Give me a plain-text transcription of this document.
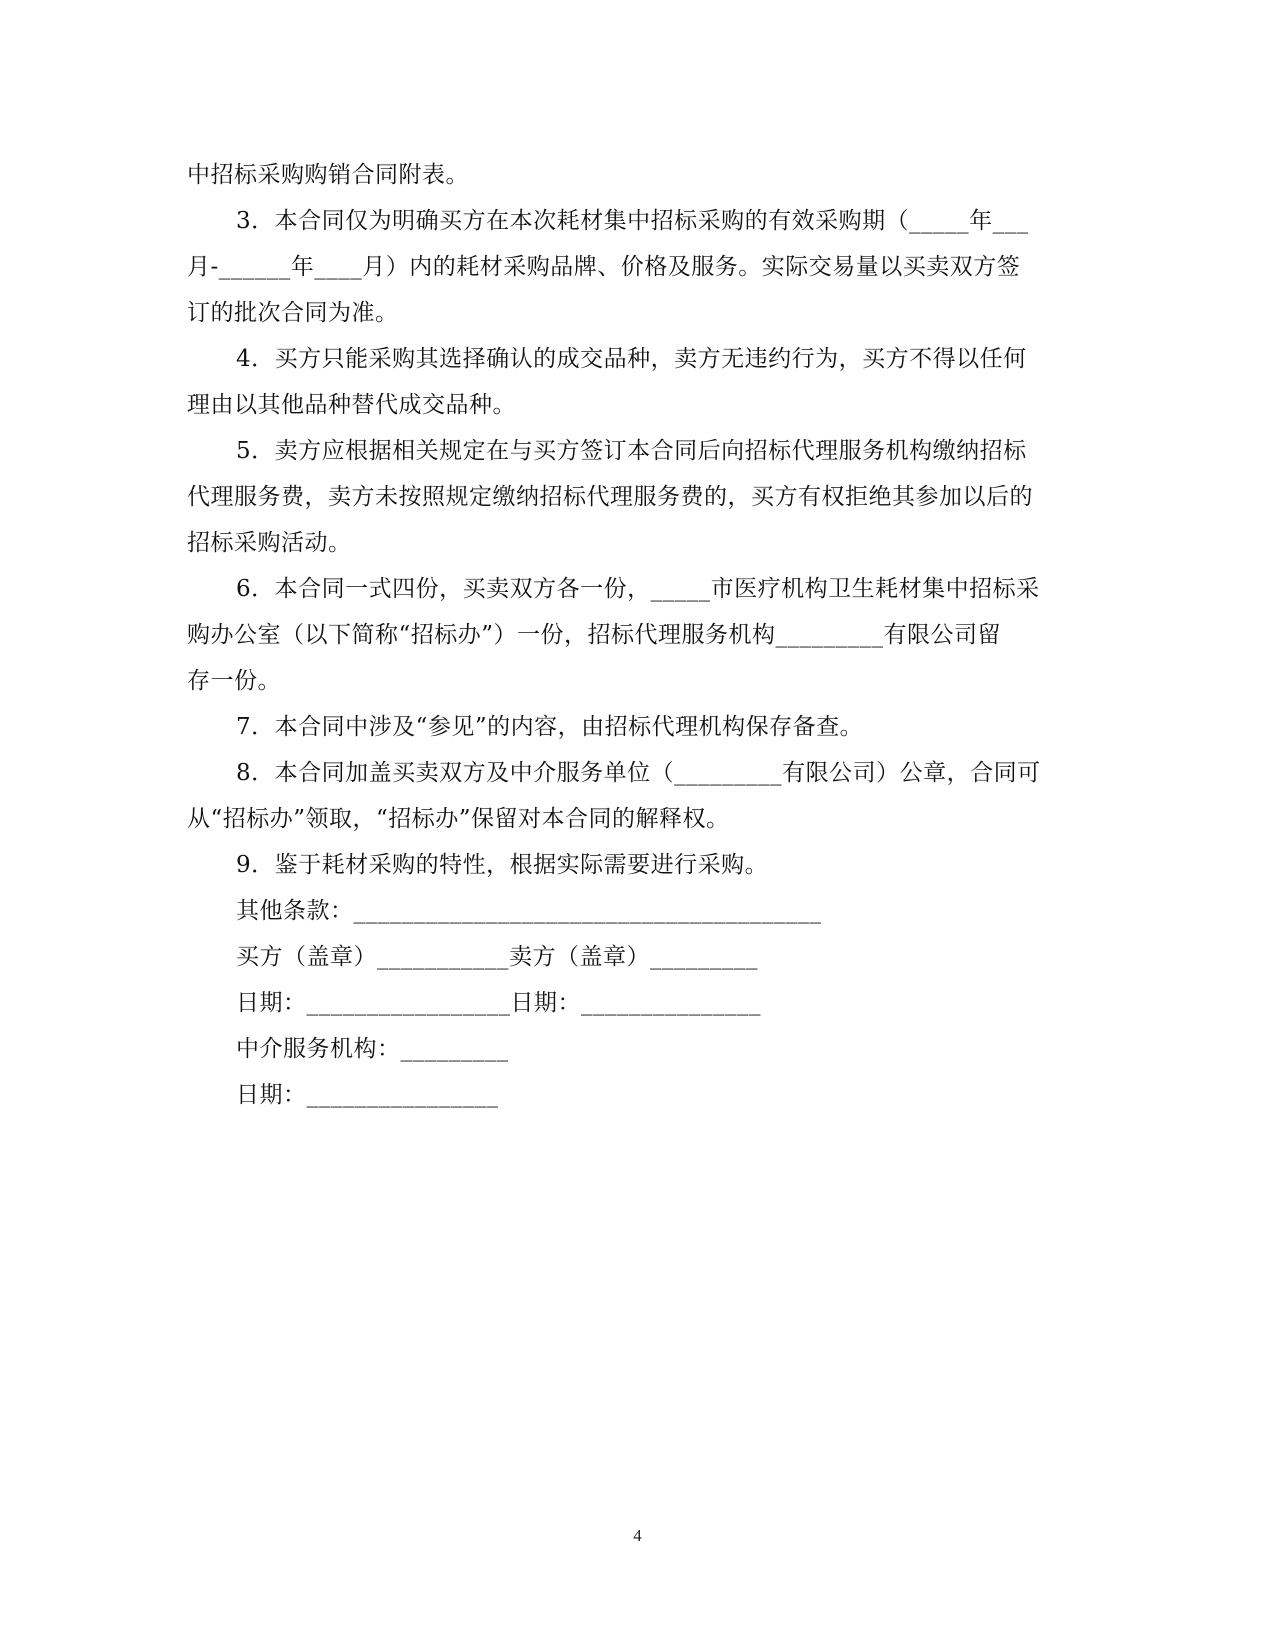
中招标采购购销合同附表。
3．本合同仅为明确买方在本次耗材集中招标采购的有效采购期（_____年___
月-______年____月）内的耗材采购品牌、价格及服务。实际交易量以买卖双方签
订的批次合同为准。
4．买方只能采购其选择确认的成交品种，卖方无违约行为，买方不得以任何
理由以其他品种替代成交品种。
5．卖方应根据相关规定在与买方签订本合同后向招标代理服务机构缴纳招标
代理服务费，卖方未按照规定缴纳招标代理服务费的，买方有权拒绝其参加以后的
招标采购活动。
6．本合同一式四份，买卖双方各一份，_____市医疗机构卫生耗材集中招标采
购办公室（以下简称“招标办”）一份，招标代理服务机构_________有限公司留
存一份。
7．本合同中涉及“参见”的内容，由招标代理机构保存备查。
8．本合同加盖买卖双方及中介服务单位（_________有限公司）公章，合同可
从“招标办”领取，“招标办”保留对本合同的解释权。
9．鉴于耗材采购的特性，根据实际需要进行采购。
其他条款：_______________________________________
买方（盖章）___________卖方（盖章）_________
日期：_________________日期：_______________
中介服务机构：_________
日期：________________
4
